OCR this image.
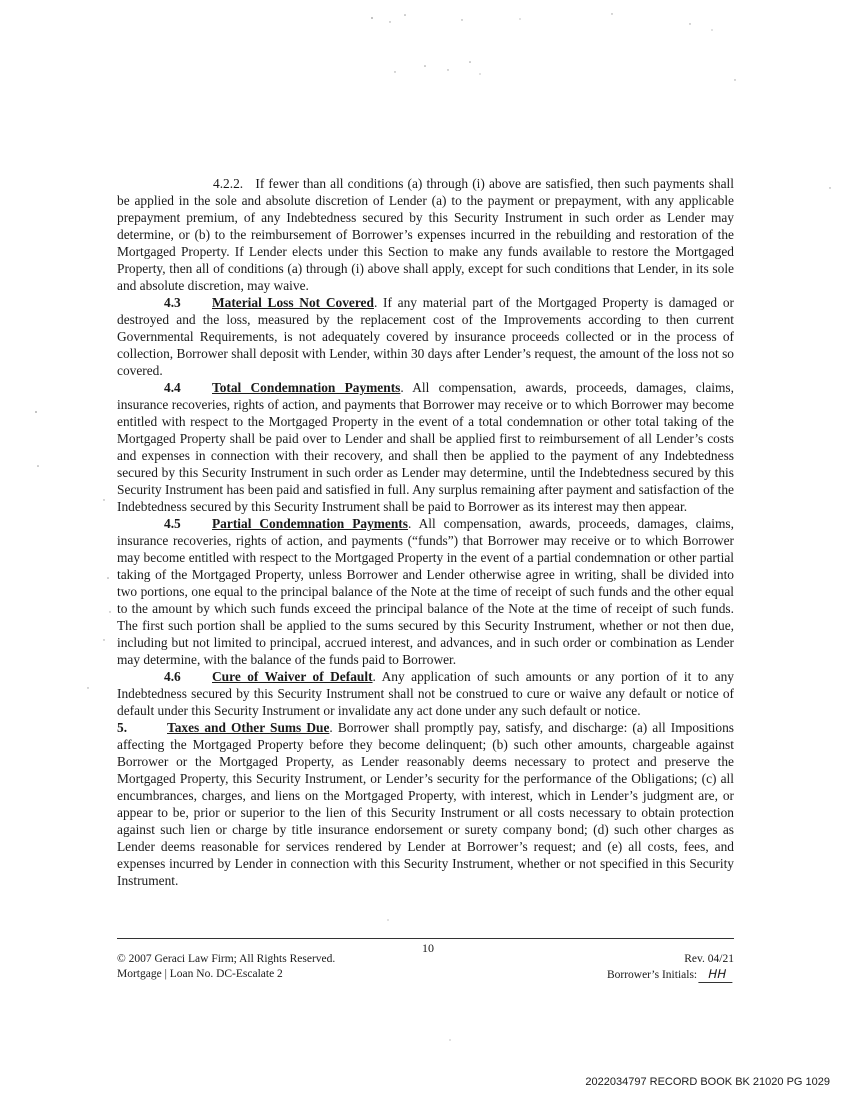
4.2.2. If fewer than all conditions (a) through (i) above are satisfied, then such payments shall be applied in the sole and absolute discretion of Lender (a) to the payment or prepayment, with any applicable prepayment premium, of any Indebtedness secured by this Security Instrument in such order as Lender may determine, or (b) to the reimbursement of Borrower’s expenses incurred in the rebuilding and restoration of the Mortgaged Property. If Lender elects under this Section to make any funds available to restore the Mortgaged Property, then all of conditions (a) through (i) above shall apply, except for such conditions that Lender, in its sole and absolute discretion, may waive.

4.3 Material Loss Not Covered. If any material part of the Mortgaged Property is damaged or destroyed and the loss, measured by the replacement cost of the Improvements according to then current Governmental Requirements, is not adequately covered by insurance proceeds collected or in the process of collection, Borrower shall deposit with Lender, within 30 days after Lender’s request, the amount of the loss not so covered.

4.4 Total Condemnation Payments. All compensation, awards, proceeds, damages, claims, insurance recoveries, rights of action, and payments that Borrower may receive or to which Borrower may become entitled with respect to the Mortgaged Property in the event of a total condemnation or other total taking of the Mortgaged Property shall be paid over to Lender and shall be applied first to reimbursement of all Lender’s costs and expenses in connection with their recovery, and shall then be applied to the payment of any Indebtedness secured by this Security Instrument in such order as Lender may determine, until the Indebtedness secured by this Security Instrument has been paid and satisfied in full. Any surplus remaining after payment and satisfaction of the Indebtedness secured by this Security Instrument shall be paid to Borrower as its interest may then appear.

4.5 Partial Condemnation Payments. All compensation, awards, proceeds, damages, claims, insurance recoveries, rights of action, and payments (“funds”) that Borrower may receive or to which Borrower may become entitled with respect to the Mortgaged Property in the event of a partial condemnation or other partial taking of the Mortgaged Property, unless Borrower and Lender otherwise agree in writing, shall be divided into two portions, one equal to the principal balance of the Note at the time of receipt of such funds and the other equal to the amount by which such funds exceed the principal balance of the Note at the time of receipt of such funds. The first such portion shall be applied to the sums secured by this Security Instrument, whether or not then due, including but not limited to principal, accrued interest, and advances, and in such order or combination as Lender may determine, with the balance of the funds paid to Borrower.

4.6 Cure of Waiver of Default. Any application of such amounts or any portion of it to any Indebtedness secured by this Security Instrument shall not be construed to cure or waive any default or notice of default under this Security Instrument or invalidate any act done under any such default or notice.

5.	Taxes and Other Sums Due. Borrower shall promptly pay, satisfy, and discharge: (a) all Impositions affecting the Mortgaged Property before they become delinquent; (b) such other amounts, chargeable against Borrower or the Mortgaged Property, as Lender reasonably deems necessary to protect and preserve the Mortgaged Property, this Security Instrument, or Lender’s security for the performance of the Obligations; (c) all encumbrances, charges, and liens on the Mortgaged Property, with interest, which in Lender’s judgment are, or appear to be, prior or superior to the lien of this Security Instrument or all costs necessary to obtain protection against such lien or charge by title insurance endorsement or surety company bond; (d) such other charges as Lender deems reasonable for services rendered by Lender at Borrower’s request; and (e) all costs, fees, and expenses incurred by Lender in connection with this Security Instrument, whether or not specified in this Security Instrument.

10
© 2007 Geraci Law Firm; All Rights Reserved.
Mortgage | Loan No. DC-Escalate 2
Rev. 04/21
Borrower’s Initials: HH
2022034797 RECORD BOOK BK 21020 PG 1029
